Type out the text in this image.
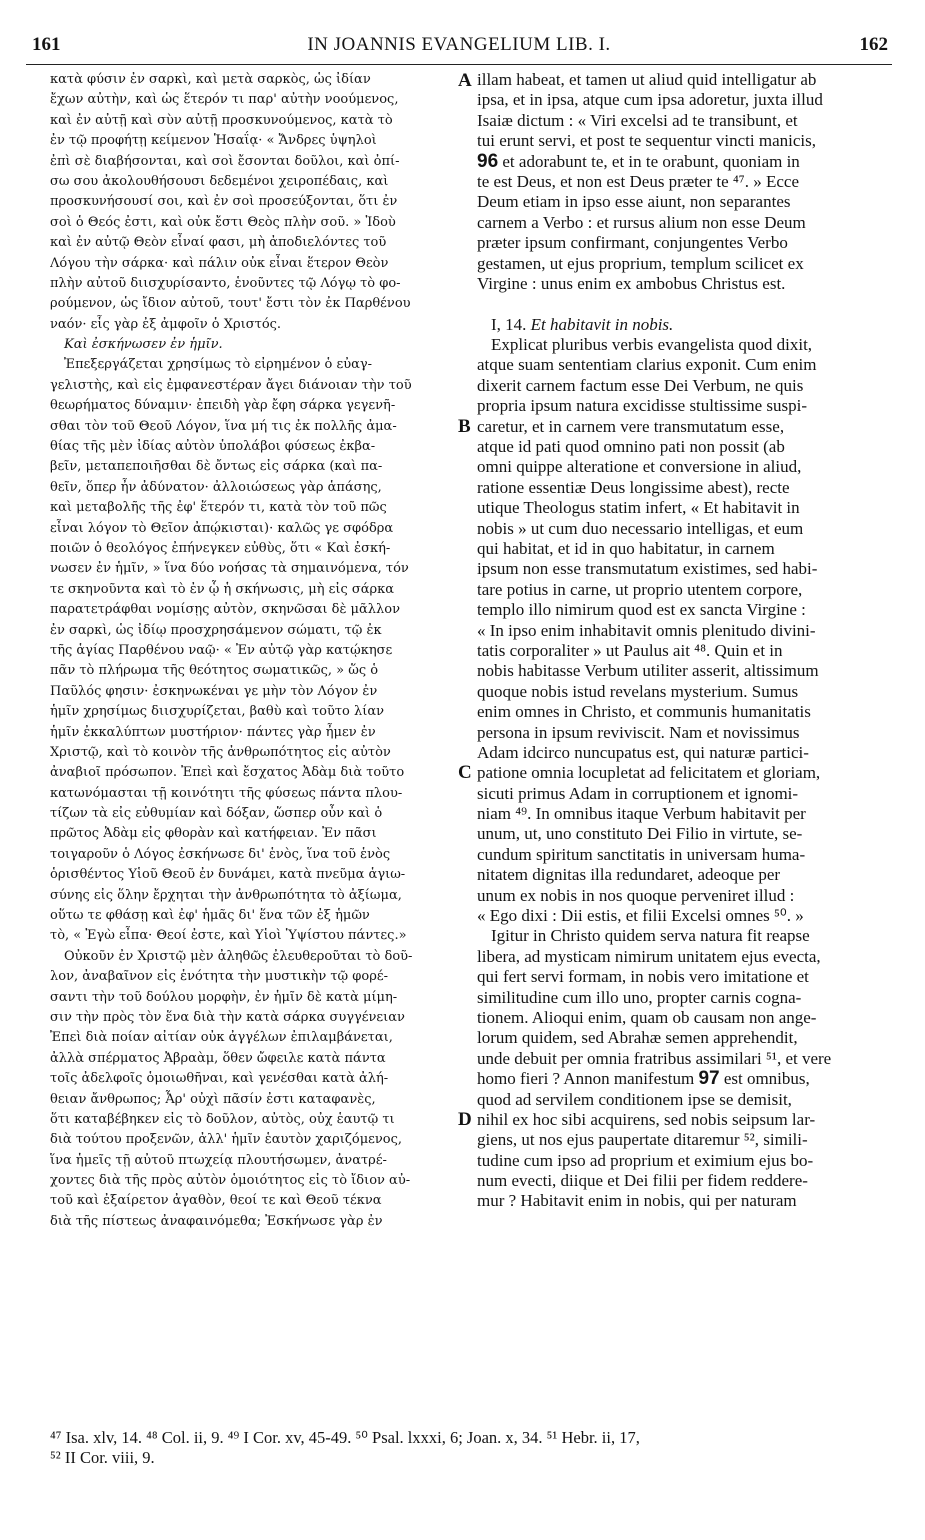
161	IN JOANNIS EVANGELIUM LIB. I.	162
A
B
C
D
κατὰ φύσιν ἐν σαρκὶ, καὶ μετὰ σαρκὸς, ὡς ἰδίαν
ἔχων αὐτὴν, καὶ ὡς ἕτερόν τι παρ' αὐτὴν νοούμενος,
καὶ ἐν αὐτῇ καὶ σὺν αὐτῇ προσκυνούμενος, κατὰ τὸ
ἐν τῷ προφήτῃ κείμενον Ἡσαΐᾳ· « Ἄνδρες ὑψηλοὶ
ἐπὶ σὲ διαβήσονται, καὶ σοὶ ἔσονται δοῦλοι, καὶ ὀπί-
σω σου ἀκολουθήσουσι δεδεμένοι χειροπέδαις, καὶ
προσκυνήσουσί σοι, καὶ ἐν σοὶ προσεύξονται, ὅτι ἐν
σοὶ ὁ Θεός ἐστι, καὶ οὐκ ἔστι Θεὸς πλὴν σοῦ. » Ἰδοὺ
καὶ ἐν αὐτῷ Θεὸν εἶναί φασι, μὴ ἀποδιελόντες τοῦ
Λόγου τὴν σάρκα· καὶ πάλιν οὐκ εἶναι ἕτερον Θεὸν
πλὴν αὐτοῦ διισχυρίσαντο, ἑνοῦντες τῷ Λόγῳ τὸ φο-
ρούμενον, ὡς ἴδιον αὐτοῦ, τουτ' ἔστι τὸν ἐκ Παρθένου
ναόν· εἷς γὰρ ἐξ ἀμφοῖν ὁ Χριστός.
Καὶ ἐσκήνωσεν ἐν ἡμῖν.
Ἐπεξεργάζεται χρησίμως τὸ εἰρημένον ὁ εὐαγ-
γελιστὴς, καὶ εἰς ἐμφανεστέραν ἄγει διάνοιαν τὴν τοῦ
θεωρήματος δύναμιν· ἐπειδὴ γὰρ ἔφη σάρκα γεγενῆ-
σθαι τὸν τοῦ Θεοῦ Λόγον, ἵνα μή τις ἐκ πολλῆς ἀμα-
θίας τῆς μὲν ἰδίας αὐτὸν ὑπολάβοι φύσεως ἐκβα-
βεῖν, μεταπεποιῆσθαι δὲ ὄντως εἰς σάρκα (καὶ πα-
θεῖν, ὅπερ ἦν ἀδύνατον· ἀλλοιώσεως γὰρ ἁπάσης,
καὶ μεταβολῆς τῆς ἐφ' ἕτερόν τι, κατὰ τὸν τοῦ πῶς
εἶναι λόγον τὸ Θεῖον ἀπῴκισται)· καλῶς γε σφόδρα
ποιῶν ὁ θεολόγος ἐπήνεγκεν εὐθὺς, ὅτι « Καὶ ἐσκή-
νωσεν ἐν ἡμῖν, » ἵνα δύο νοήσας τὰ σημαινόμενα, τόν
τε σκηνοῦντα καὶ τὸ ἐν ᾧ ἡ σκήνωσις, μὴ εἰς σάρκα
παρατετράφθαι νομίσῃς αὐτὸν, σκηνῶσαι δὲ μᾶλλον
ἐν σαρκὶ, ὡς ἰδίῳ προσχρησάμενον σώματι, τῷ ἐκ
τῆς ἁγίας Παρθένου ναῷ· « Ἐν αὐτῷ γὰρ κατῴκησε
πᾶν τὸ πλήρωμα τῆς θεότητος σωματικῶς, » ὥς ὁ
Παῦλός φησιν· ἐσκηνωκέναι γε μὴν τὸν Λόγον ἐν
ἡμῖν χρησίμως διισχυρίζεται, βαθὺ καὶ τοῦτο λίαν
ἡμῖν ἐκκαλύπτων μυστήριον· πάντες γὰρ ἦμεν ἐν
Χριστῷ, καὶ τὸ κοινὸν τῆς ἀνθρωπότητος εἰς αὐτὸν
ἀναβιοῖ πρόσωπον. Ἐπεὶ καὶ ἔσχατος Ἀδὰμ διὰ τοῦτο
κατωνόμασται τῇ κοινότητι τῆς φύσεως πάντα πλου-
τίζων τὰ εἰς εὐθυμίαν καὶ δόξαν, ὥσπερ οὖν καὶ ὁ
πρῶτος Ἀδὰμ εἰς φθορὰν καὶ κατήφειαν. Ἐν πᾶσι
τοιγαροῦν ὁ Λόγος ἐσκήνωσε δι' ἑνὸς, ἵνα τοῦ ἑνὸς
ὁρισθέντος Υἱοῦ Θεοῦ ἐν δυνάμει, κατὰ πνεῦμα ἁγιω-
σύνης εἰς ὅλην ἔρχηται τὴν ἀνθρωπότητα τὸ ἀξίωμα,
οὕτω τε φθάσῃ καὶ ἐφ' ἡμᾶς δι' ἕνα τῶν ἐξ ἡμῶν
τὸ, « Ἐγὼ εἶπα· Θεοί ἐστε, καὶ Υἱοὶ Ὑψίστου πάντες.»
Οὐκοῦν ἐν Χριστῷ μὲν ἀληθῶς ἐλευθεροῦται τὸ δοῦ-
λον, ἀναβαῖνον εἰς ἑνότητα τὴν μυστικὴν τῷ φορέ-
σαντι τὴν τοῦ δούλου μορφὴν, ἐν ἡμῖν δὲ κατὰ μίμη-
σιν τὴν πρὸς τὸν ἕνα διὰ τὴν κατὰ σάρκα συγγένειαν
Ἐπεὶ διὰ ποίαν αἰτίαν οὐκ ἀγγέλων ἐπιλαμβάνεται,
ἀλλὰ σπέρματος Ἀβραὰμ, ὅθεν ὤφειλε κατὰ πάντα
τοῖς ἀδελφοῖς ὁμοιωθῆναι, καὶ γενέσθαι κατὰ ἀλή-
θειαν ἄνθρωπος; Ἆρ' οὐχὶ πᾶσίν ἐστι καταφανὲς,
ὅτι καταβέβηκεν εἰς τὸ δοῦλον, αὐτὸς, οὐχ ἑαυτῷ τι
διὰ τούτου προξενῶν, ἀλλ' ἡμῖν ἑαυτὸν χαριζόμενος,
ἵνα ἡμεῖς τῇ αὐτοῦ πτωχείᾳ πλουτήσωμεν, ἀνατρέ-
χοντες διὰ τῆς πρὸς αὐτὸν ὁμοιότητος εἰς τὸ ἴδιον αὐ-
τοῦ καὶ ἐξαίρετον ἀγαθὸν, θεοί τε καὶ Θεοῦ τέκνα
διὰ τῆς πίστεως ἀναφαινόμεθα; Ἐσκήνωσε γὰρ ἐν
illam habeat, et tamen ut aliud quid intelligatur ab
ipsa, et in ipsa, atque cum ipsa adoretur, juxta illud
Isaiæ dictum : « Viri excelsi ad te transibunt, et
tui erunt servi, et post te sequentur vincti manicis,
96 et adorabunt te, et in te orabunt, quoniam in
te est Deus, et non est Deus præter te ⁴⁷. » Ecce
Deum etiam in ipso esse aiunt, non separantes
carnem a Verbo : et rursus alium non esse Deum
præter ipsum confirmant, conjungentes Verbo
gestamen, ut ejus proprium, templum scilicet ex
Virgine : unus enim ex ambobus Christus est.
I, 14. Et habitavit in nobis.
Explicat pluribus verbis evangelista quod dixit,
atque suam sententiam clarius exponit. Cum enim
dixerit carnem factum esse Dei Verbum, ne quis
propria ipsum natura excidisse stultissime suspi-
caretur, et in carnem vere transmutatum esse,
atque id pati quod omnino pati non possit (ab
omni quippe alteratione et conversione in aliud,
ratione essentiæ Deus longissime abest), recte
utique Theologus statim infert, « Et habitavit in
nobis » ut cum duo necessario intelligas, et eum
qui habitat, et id in quo habitatur, in carnem
ipsum non esse transmutatum existimes, sed habi-
tare potius in carne, ut proprio utentem corpore,
templo illo nimirum quod est ex sancta Virgine :
« In ipso enim inhabitavit omnis plenitudo divini-
tatis corporaliter » ut Paulus ait ⁴⁸. Quin et in
nobis habitasse Verbum utiliter asserit, altissimum
quoque nobis istud revelans mysterium. Sumus
enim omnes in Christo, et communis humanitatis
persona in ipsum reviviscit. Nam et novissimus
Adam idcirco nuncupatus est, qui naturæ partici-
patione omnia locupletat ad felicitatem et gloriam,
sicuti primus Adam in corruptionem et ignomi-
niam ⁴⁹. In omnibus itaque Verbum habitavit per
unum, ut, uno constituto Dei Filio in virtute, se-
cundum spiritum sanctitatis in universam huma-
nitatem dignitas illa redundaret, adeoque per
unum ex nobis in nos quoque perveniret illud :
« Ego dixi : Dii estis, et filii Excelsi omnes ⁵⁰. »
Igitur in Christo quidem serva natura fit reapse
libera, ad mysticam nimirum unitatem ejus evecta,
qui fert servi formam, in nobis vero imitatione et
similitudine cum illo uno, propter carnis cogna-
tionem. Alioqui enim, quam ob causam non ange-
lorum quidem, sed Abrahæ semen apprehendit,
unde debuit per omnia fratribus assimilari ⁵¹, et vere
homo fieri ? Annon manifestum 97 est omnibus,
quod ad servilem conditionem ipse se demisit,
nihil ex hoc sibi acquirens, sed nobis seipsum lar-
giens, ut nos ejus paupertate ditaremur ⁵², simili-
tudine cum ipso ad proprium et eximium ejus bo-
num evecti, diique et Dei filii per fidem reddere-
mur ? Habitavit enim in nobis, qui per naturam
⁴⁷ Isa. xlv, 14. ⁴⁸ Col. ii, 9. ⁴⁹ I Cor. xv, 45-49. ⁵⁰ Psal. lxxxi, 6; Joan. x, 34. ⁵¹ Hebr. ii, 17,
⁵² II Cor. viii, 9.
